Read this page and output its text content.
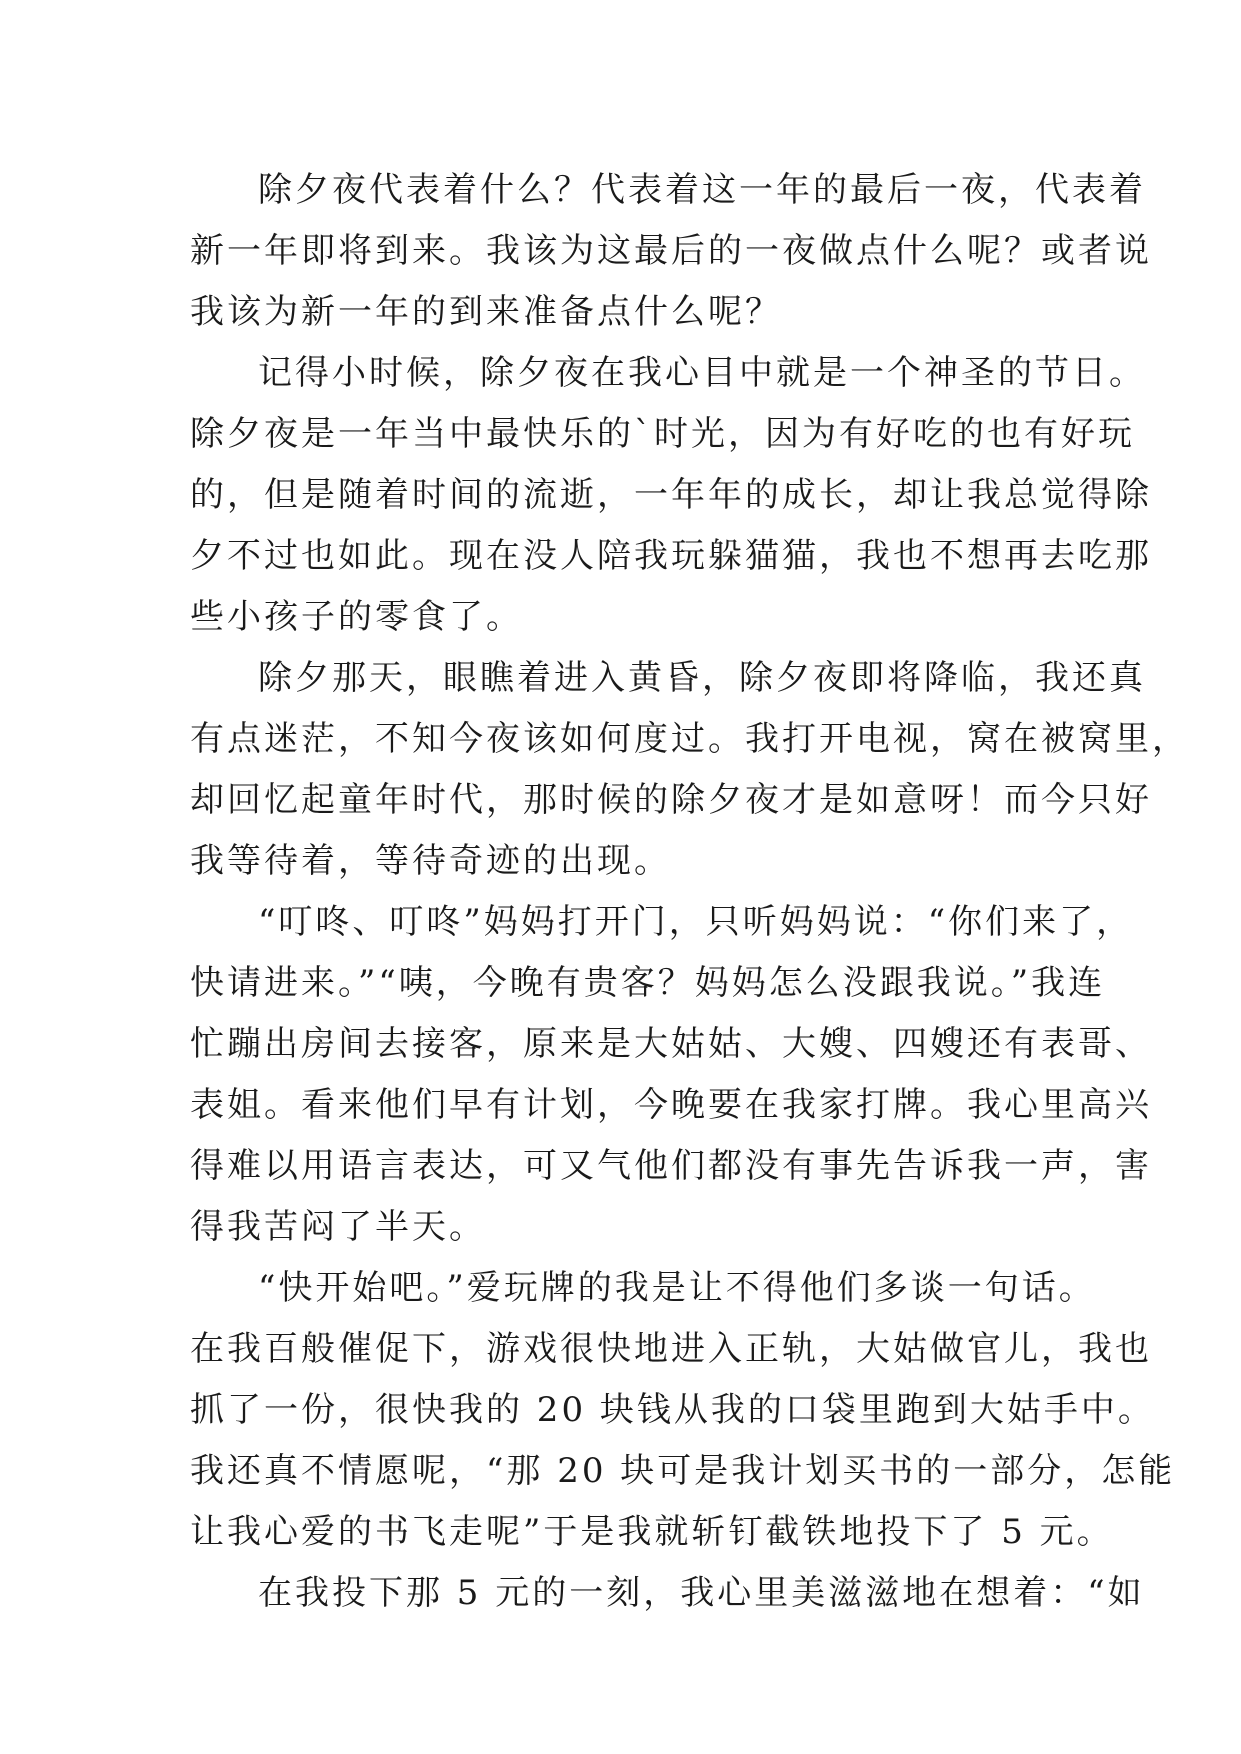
除夕夜代表着什么？代表着这一年的最后一夜，代表着
新一年即将到来。我该为这最后的一夜做点什么呢？或者说
我该为新一年的到来准备点什么呢？
记得小时候，除夕夜在我心目中就是一个神圣的节日。
除夕夜是一年当中最快乐的`时光，因为有好吃的也有好玩
的，但是随着时间的流逝，一年年的成长，却让我总觉得除
夕不过也如此。现在没人陪我玩躲猫猫，我也不想再去吃那
些小孩子的零食了。
除夕那天，眼瞧着进入黄昏，除夕夜即将降临，我还真
有点迷茫，不知今夜该如何度过。我打开电视，窝在被窝里，
却回忆起童年时代，那时候的除夕夜才是如意呀！而今只好
我等待着，等待奇迹的出现。
“叮咚、叮咚”妈妈打开门，只听妈妈说：“你们来了，
快请进来。”“咦，今晚有贵客？妈妈怎么没跟我说。”我连
忙蹦出房间去接客，原来是大姑姑、大嫂、四嫂还有表哥、
表姐。看来他们早有计划，今晚要在我家打牌。我心里高兴
得难以用语言表达，可又气他们都没有事先告诉我一声，害
得我苦闷了半天。
“快开始吧。”爱玩牌的我是让不得他们多谈一句话。
在我百般催促下，游戏很快地进入正轨，大姑做官儿，我也
抓了一份，很快我的 20 块钱从我的口袋里跑到大姑手中。
我还真不情愿呢，“那 20 块可是我计划买书的一部分，怎能
让我心爱的书飞走呢”于是我就斩钉截铁地投下了 5 元。
在我投下那 5 元的一刻，我心里美滋滋地在想着：“如
